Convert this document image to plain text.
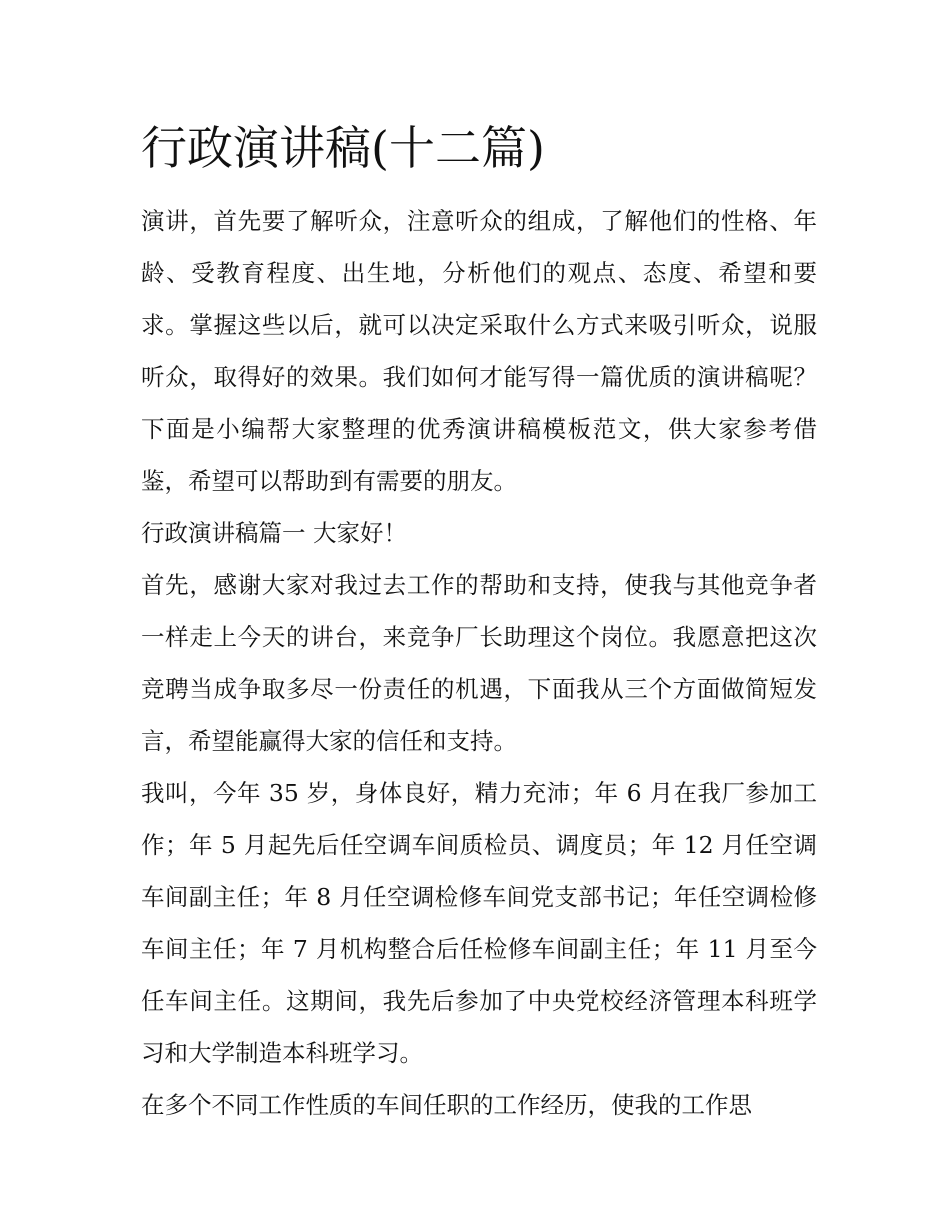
行政演讲稿(十二篇)

演讲，首先要了解听众，注意听众的组成，了解他们的性格、年龄、受教育程度、出生地，分析他们的观点、态度、希望和要求。掌握这些以后，就可以决定采取什么方式来吸引听众，说服听众，取得好的效果。我们如何才能写得一篇优质的演讲稿呢？下面是小编帮大家整理的优秀演讲稿模板范文，供大家参考借鉴，希望可以帮助到有需要的朋友。

行政演讲稿篇一 大家好！

首先，感谢大家对我过去工作的帮助和支持，使我与其他竞争者一样走上今天的讲台，来竞争厂长助理这个岗位。我愿意把这次竞聘当成争取多尽一份责任的机遇，下面我从三个方面做简短发言，希望能赢得大家的信任和支持。

我叫，今年 35 岁，身体良好，精力充沛；年 6 月在我厂参加工作；年 5 月起先后任空调车间质检员、调度员；年 12 月任空调车间副主任；年 8 月任空调检修车间党支部书记；年任空调检修车间主任；年 7 月机构整合后任检修车间副主任；年 11 月至今任车间主任。这期间，我先后参加了中央党校经济管理本科班学习和大学制造本科班学习。

在多个不同工作性质的车间任职的工作经历，使我的工作思
